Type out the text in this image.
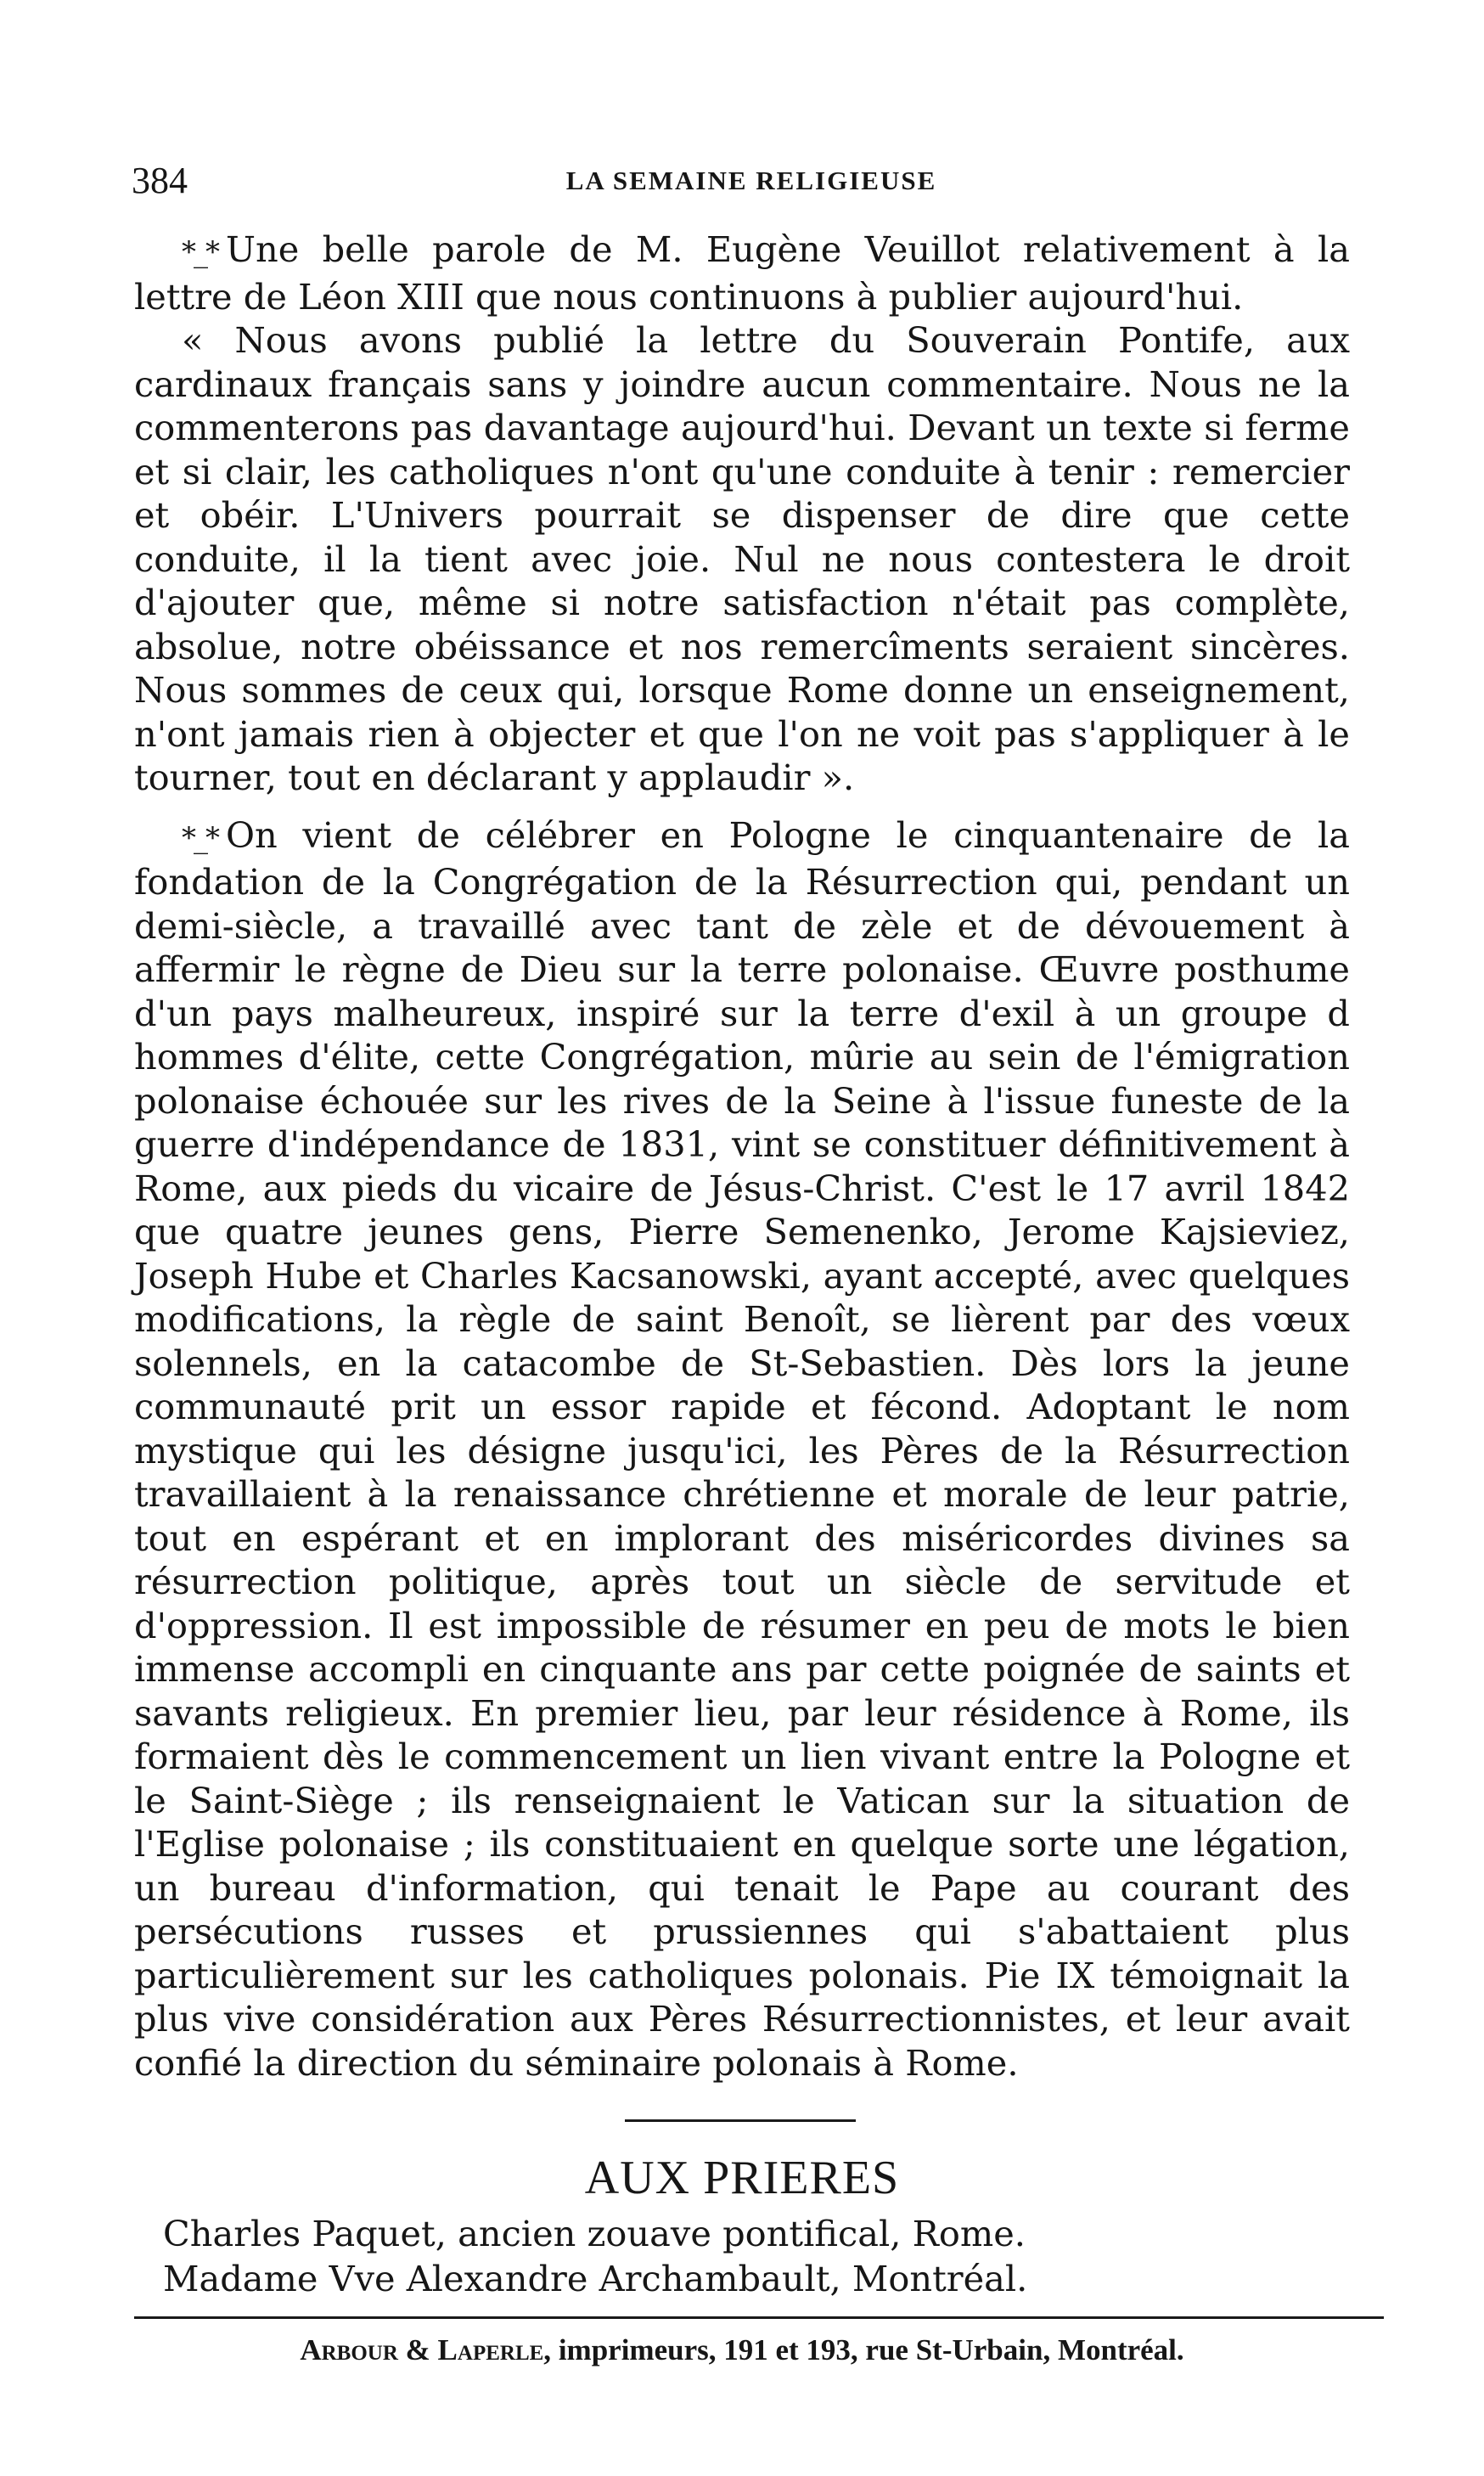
384	LA SEMAINE RELIGIEUSE

*_* Une belle parole de M. Eugène Veuillot relativement à la lettre de Léon XIII que nous continuons à publier aujourd'hui.

« Nous avons publié la lettre du Souverain Pontife, aux cardinaux français sans y joindre aucun commentaire. Nous ne la commenterons pas davantage aujourd'hui. Devant un texte si ferme et si clair, les catholiques n'ont qu'une conduite à tenir : remercier et obéir. L'Univers pourrait se dispenser de dire que cette conduite, il la tient avec joie. Nul ne nous contestera le droit d'ajouter que, même si notre satisfaction n'était pas complète, absolue, notre obéissance et nos remercîments seraient sincères. Nous sommes de ceux qui, lorsque Rome donne un enseignement, n'ont jamais rien à objecter et que l'on ne voit pas s'appliquer à le tourner, tout en déclarant y applaudir ».

*_* On vient de célébrer en Pologne le cinquantenaire de la fondation de la Congrégation de la Résurrection qui, pendant un demi-siècle, a travaillé avec tant de zèle et de dévouement à affermir le règne de Dieu sur la terre polonaise. Œuvre posthume d'un pays malheureux, inspiré sur la terre d'exil à un groupe d hommes d'élite, cette Congrégation, mûrie au sein de l'émigration polonaise échouée sur les rives de la Seine à l'issue funeste de la guerre d'indépendance de 1831, vint se constituer définitivement à Rome, aux pieds du vicaire de Jésus-Christ. C'est le 17 avril 1842 que quatre jeunes gens, Pierre Semenenko, Jerome Kajsieviez, Joseph Hube et Charles Kacsanowski, ayant accepté, avec quelques modifications, la règle de saint Benoît, se lièrent par des vœux solennels, en la catacombe de St-Sebastien. Dès lors la jeune communauté prit un essor rapide et fécond. Adoptant le nom mystique qui les désigne jusqu'ici, les Pères de la Résurrection travaillaient à la renaissance chrétienne et morale de leur patrie, tout en espérant et en implorant des miséricordes divines sa résurrection politique, après tout un siècle de servitude et d'oppression. Il est impossible de résumer en peu de mots le bien immense accompli en cinquante ans par cette poignée de saints et savants religieux. En premier lieu, par leur résidence à Rome, ils formaient dès le commencement un lien vivant entre la Pologne et le Saint-Siège ; ils renseignaient le Vatican sur la situation de l'Eglise polonaise ; ils constituaient en quelque sorte une légation, un bureau d'information, qui tenait le Pape au courant des persécutions russes et prussiennes qui s'abattaient plus particulièrement sur les catholiques polonais. Pie IX témoignait la plus vive considération aux Pères Résurrectionnistes, et leur avait confié la direction du séminaire polonais à Rome.

AUX PRIERES

Charles Paquet, ancien zouave pontifical, Rome.

Madame Vve Alexandre Archambault, Montréal.

Arbour & Laperle, imprimeurs, 191 et 193, rue St-Urbain, Montréal.
